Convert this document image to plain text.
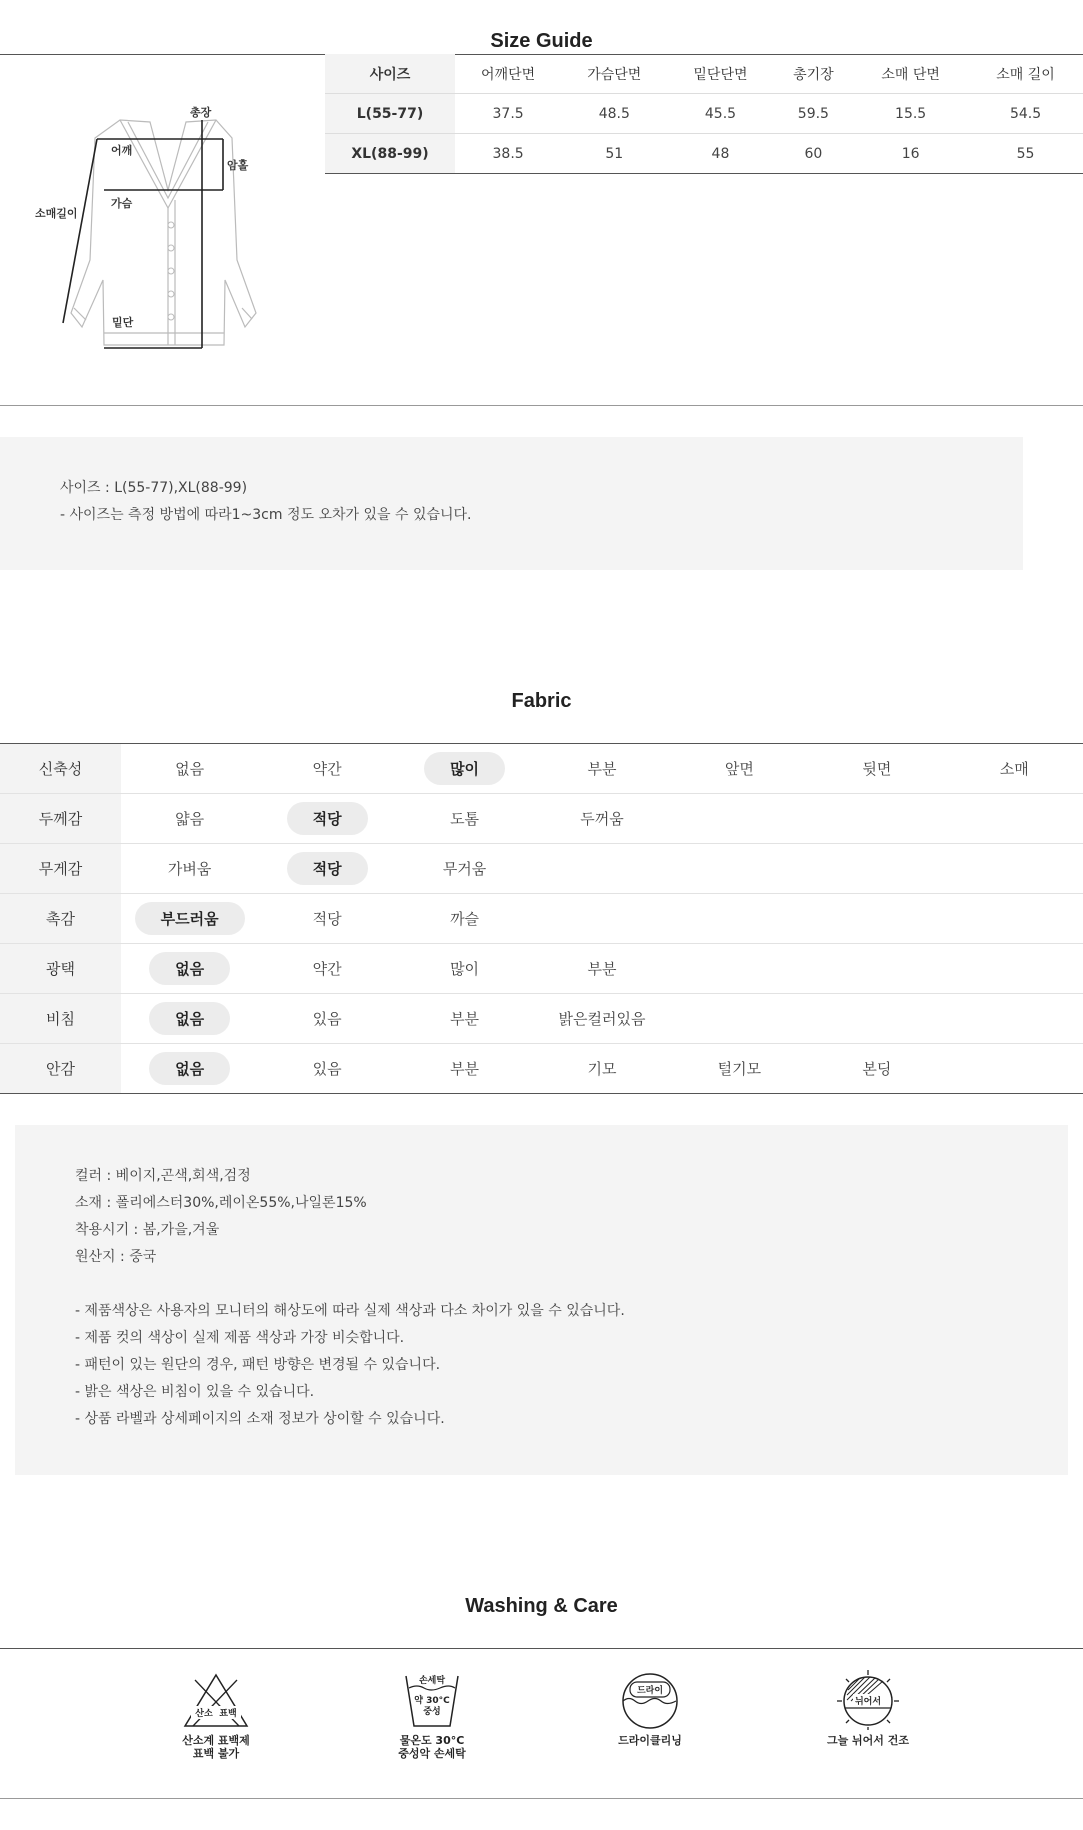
Size Guide
총장
어깨
암홀
소매길이
가슴
밑단
사이즈	어깨단면	가슴단면	밑단단면	총기장	소매 단면	소매 길이
L(55-77)	37.5	48.5	45.5	59.5	15.5	54.5
XL(88-99)	38.5	51	48	60	16	55
사이즈 : L(55-77),XL(88-99)
- 사이즈는 측정 방법에 따라1~3cm 정도 오차가 있을 수 있습니다.
Fabric
신축성	없음	약간	많이	부분	앞면	뒷면	소매
두께감	얇음	적당	도톰	두꺼움			
무게감	가벼움	적당	무거움				
촉감	부드러움	적당	까슬				
광택	없음	약간	많이	부분			
비침	없음	있음	부분	밝은컬러있음			
안감	없음	있음	부분	기모	털기모	본딩	
컬러 : 베이지,곤색,회색,검정
소재 : 폴리에스터30%,레이온55%,나일론15%
착용시기 : 봄,가을,겨울
원산지 : 중국
- 제품색상은 사용자의 모니터의 해상도에 따라 실제 색상과 다소 차이가 있을 수 있습니다.
- 제품 컷의 색상이 실제 제품 색상과 가장 비슷합니다.
- 패턴이 있는 원단의 경우, 패턴 방향은 변경될 수 있습니다.
- 밝은 색상은 비침이 있을 수 있습니다.
- 상품 라벨과 상세페이지의 소재 정보가 상이할 수 있습니다.
Washing & Care
산소 표백
산소계 표백제
표백 불가
손세탁
약 30°C
중성
물온도 30°C
중성악 손세탁
드라이
드라이클리닝
뉘어서
그늘 뉘어서 건조
